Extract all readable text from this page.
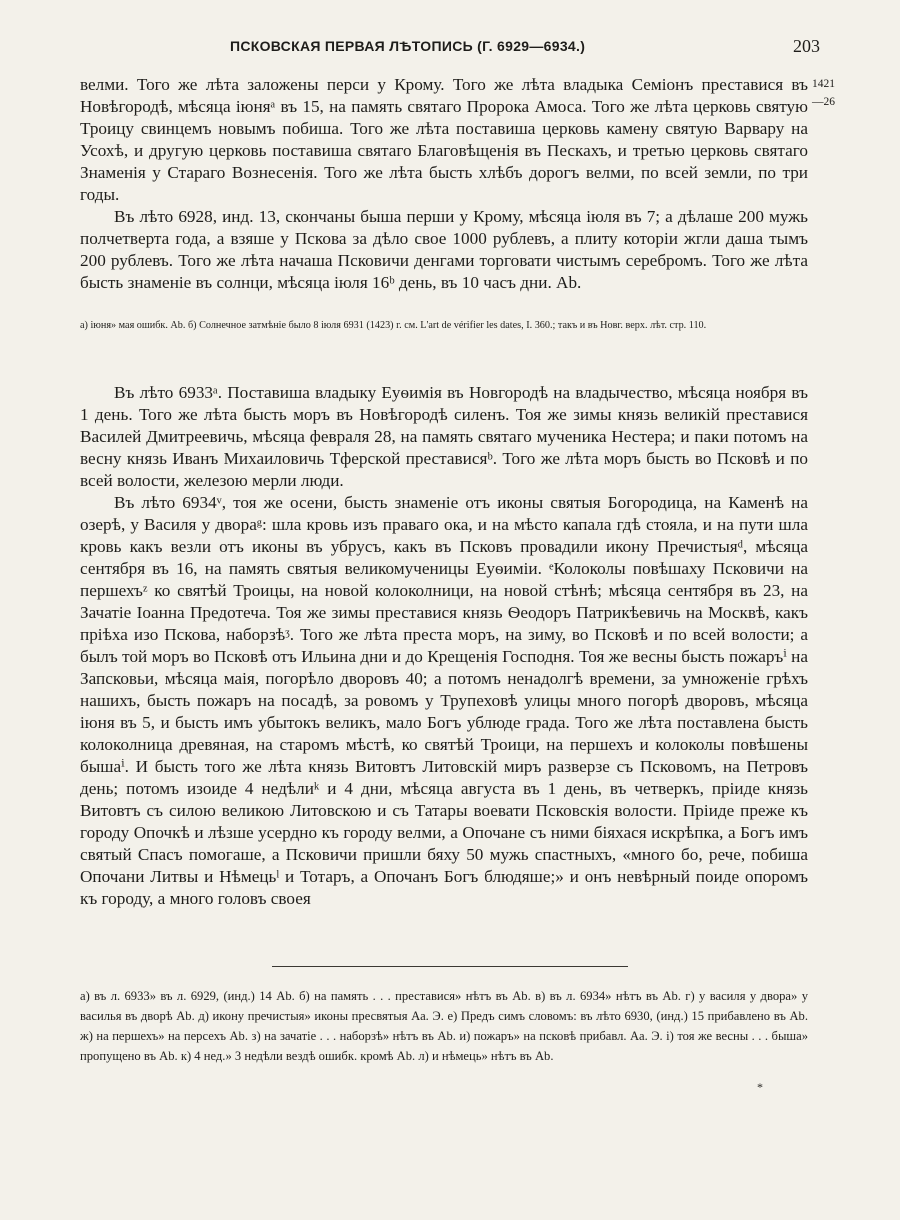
ПСКОВСКАЯ ПЕРВАЯ ЛѢТОПИСЬ (Г. 6929—6934.)	203
1421
—26

велми. Того же лѣта заложены перси у Крому. Того же лѣта владыка Семіонъ преставися въ Новѣгородѣ, мѣсяца іюняᵃ въ 15, на память святаго Пророка Амоса. Того же лѣта церковь святую Троицу свинцемъ новымъ побиша. Того же лѣта поставиша церковь камену святую Варвару на Усохѣ, и другую церковь поставиша святаго Благовѣщенія въ Пескахъ, и третью церковь святаго Знаменія у Стараго Вознесенія. Того же лѣта бысть хлѣбъ дорогъ велми, по всей земли, по три годы.

Въ лѣто 6928, инд. 13, скончаны быша перши у Крому, мѣсяца іюля въ 7; а дѣлаше 200 мужь полчетверта года, а взяше у Пскова за дѣло свое 1000 рублевъ, а плиту которіи жгли даша тымъ 200 рублевъ. Того же лѣта начаша Псковичи денгами торговати чистымъ серебромъ. Того же лѣта бысть знаменіе въ солнци, мѣсяца іюля 16ᵇ день, въ 10 часъ дни. Аb.

а) іюня» мая ошибк. Аb. б) Солнечное затмѣніе было 8 іюля 6931 (1423) г. см. L'art de vérifier les dates, I. 360.; такъ и въ Новг. верх. лѣт. стр. 110.

Въ лѣто 6933ᵃ. Поставиша владыку Еуѳимія въ Новгородѣ на владычество, мѣсяца ноября въ 1 день. Того же лѣта бысть моръ въ Новѣгородѣ силенъ. Тоя же зимы князь великій преставися Василей Дмитреевичь, мѣсяца февраля 28, на память святаго мученика Нестера; и паки потомъ на весну князь Иванъ Михаиловичь Тферской престависяᵇ. Того же лѣта моръ бысть во Псковѣ и по всей волости, железою мерли люди.

Въ лѣто 6934ᵛ, тоя же осени, бысть знаменіе отъ иконы святыя Богородица, на Каменѣ на озерѣ, у Василя у двораᵍ: шла кровь изъ праваго ока, и на мѣсто капала гдѣ стояла, и на пути шла кровь какъ везли отъ иконы въ убрусъ, какъ въ Псковъ провадили икону Пречистыяᵈ, мѣсяца сентября въ 16, на память святыя великомученицы Еуѳиміи. ᵉКолоколы повѣшаху Псковичи на першехъᶻ ко святѣй Троицы, на новой колоколници, на новой стѣнѣ; мѣсяца сентября въ 23, на Зачатіе Іоанна Предотеча. Тоя же зимы преставися князь Ѳеодоръ Патрикѣевичь на Москвѣ, какъ пріѣха изо Пскова, наборзѣᶾ. Того же лѣта преста моръ, на зиму, во Псковѣ и по всей волости; а былъ той моръ во Псковѣ отъ Ильина дни и до Крещенія Господня. Тоя же весны бысть пожаръⁱ на Запсковьи, мѣсяца маія, погорѣло дворовъ 40; а потомъ ненадолгѣ времени, за умноженіе грѣхъ нашихъ, бысть пожаръ на посадѣ, за ровомъ у Трупеховѣ улицы много погорѣ дворовъ, мѣсяца іюня въ 5, и бысть имъ убытокъ великъ, мало Богъ ублюде града. Того же лѣта поставлена бысть колоколница древяная, на старомъ мѣстѣ, ко святѣй Троици, на першехъ и колоколы повѣшены бышаⁱ. И бысть того же лѣта князь Витовтъ Литовскій миръ разверзе съ Псковомъ, на Петровъ день; потомъ изоиде 4 недѣлиᵏ и 4 дни, мѣсяца августа въ 1 день, въ четверкъ, пріиде князь Витовтъ съ силою великою Литовскою и съ Татары воевати Псковскія волости. Пріиде преже къ городу Опочкѣ и лѣзше усердно къ городу велми, а Опочане съ ними біяхася искрѣпка, а Богъ имъ святый Спасъ помогаше, а Псковичи пришли бяху 50 мужь спастныхъ, «много бо, рече, побиша Опочани Литвы и Нѣмецьˡ и Тотаръ, а Опочанъ Богъ блюдяше;» и онъ невѣрный поиде опоромъ къ городу, а много головъ своея

a) въ л. 6933» въ л. 6929, (инд.) 14 Аb. б) на память . . . преставися» нѣтъ въ Аb. в) въ л. 6934» нѣтъ въ Аb. г) у василя у двора» у василья въ дворѣ Аb. д) икону пречистыя» иконы пресвятыя Аа. Э. е) Предъ симъ словомъ: въ лѣто 6930, (инд.) 15 прибавлено въ Аb. ж) на першехъ» на персехъ Аb. з) на зачатіе . . . наборзѣ» нѣтъ въ Аb. и) пожаръ» на псковѣ прибавл. Аа. Э. і) тоя же весны . . . быша» пропущено въ Аb. к) 4 нед.» 3 недѣли вездѣ ошибк. кромѣ Аb. л) и нѣмець» нѣтъ въ Аb.

*
